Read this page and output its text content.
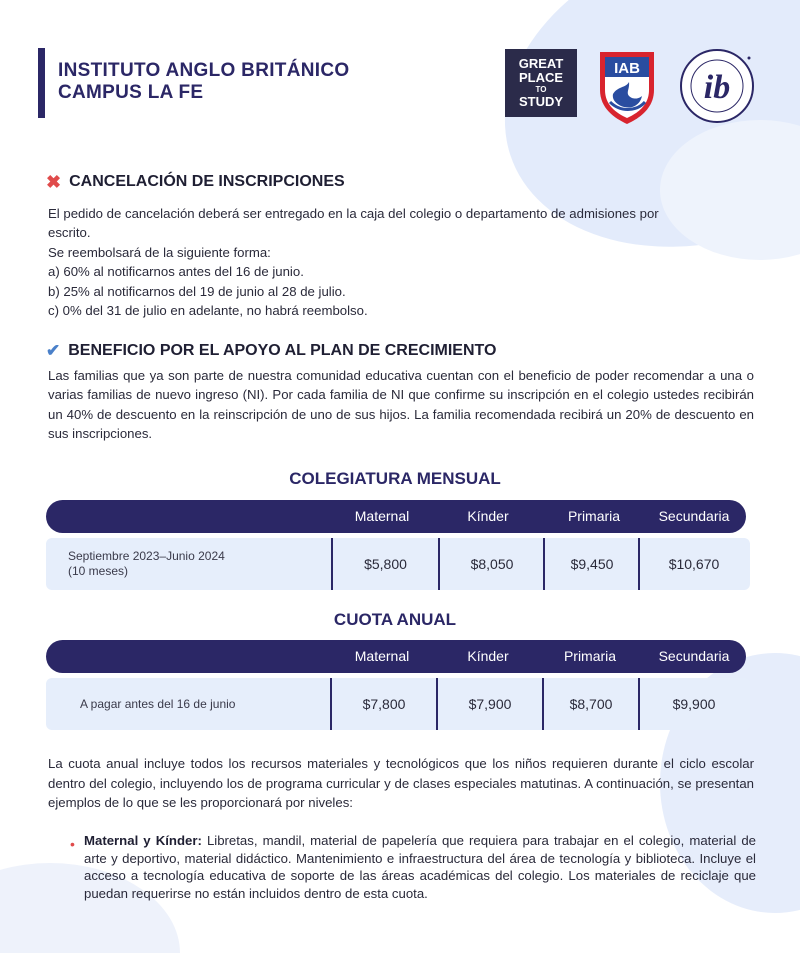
INSTITUTO ANGLO BRITÁNICO
CAMPUS LA FE
GREAT
PLACE
TO
STUDY
IAB
ib
✖ CANCELACIÓN DE INSCRIPCIONES
El pedido de cancelación deberá ser entregado en la caja del colegio o departamento de admisiones por
escrito.
Se reembolsará de la siguiente forma:
a) 60% al notificarnos antes del 16 de junio.
b) 25% al notificarnos del 19 de junio al 28 de julio.
c) 0% del 31 de julio en adelante, no habrá reembolso.
✔ BENEFICIO POR EL APOYO AL PLAN DE CRECIMIENTO
Las familias que ya son parte de nuestra comunidad educativa cuentan con el beneficio de poder recomendar a una o varias familias de nuevo ingreso (NI). Por cada familia de NI que confirme su inscripción en el colegio ustedes recibirán un 40% de descuento en la reinscripción de uno de sus hijos. La familia recomendada recibirá un 20% de descuento en sus inscripciones.
COLEGIATURA MENSUAL
Maternal	Kínder	Primaria	Secundaria
Septiembre 2023–Junio 2024
(10 meses)	$5,800	$8,050	$9,450	$10,670
CUOTA ANUAL
Maternal	Kínder	Primaria	Secundaria
A pagar antes del 16 de junio	$7,800	$7,900	$8,700	$9,900
La cuota anual incluye todos los recursos materiales y tecnológicos que los niños requieren durante el ciclo escolar dentro del colegio, incluyendo los de programa curricular y de clases especiales matutinas. A continuación, se presentan ejemplos de lo que se les proporcionará por niveles:
• Maternal y Kínder: Libretas, mandil, material de papelería que requiera para trabajar en el colegio, material de arte y deportivo, material didáctico. Mantenimiento e infraestructura del área de tecnología y biblioteca. Incluye el acceso a tecnología educativa de soporte de las áreas académicas del colegio. Los materiales de reciclaje que puedan requerirse no están incluidos dentro de esta cuota.
